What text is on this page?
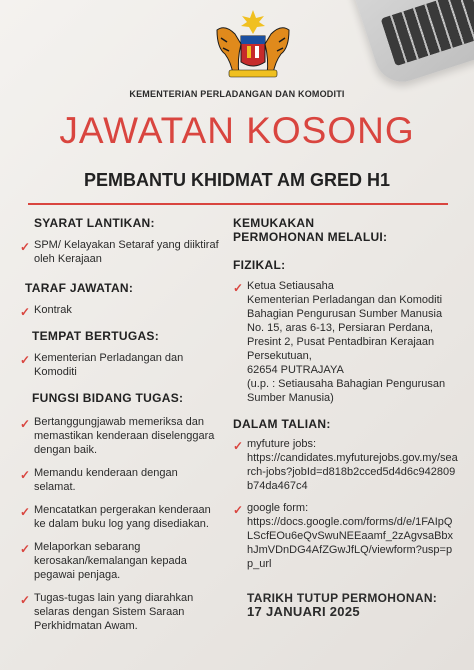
KEMENTERIAN PERLADANGAN DAN KOMODITI
JAWATAN KOSONG
PEMBANTU KHIDMAT AM GRED H1
SYARAT LANTIKAN:
✓ SPM/ Kelayakan Setaraf yang diiktiraf oleh Kerajaan
TARAF JAWATAN:
✓ Kontrak
TEMPAT BERTUGAS:
✓ Kementerian Perladangan dan Komoditi
FUNGSI BIDANG TUGAS:
✓ Bertanggungjawab memeriksa dan memastikan kenderaan diselenggara dengan baik.
✓ Memandu kenderaan dengan selamat.
✓ Mencatatkan pergerakan kenderaan ke dalam buku log yang disediakan.
✓ Melaporkan sebarang kerosakan/kemalangan kepada pegawai penjaga.
✓ Tugas-tugas lain yang diarahkan selaras dengan Sistem Saraan Perkhidmatan Awam.
KEMUKAKAN
PERMOHONAN MELALUI:
FIZIKAL:
✓ Ketua Setiausaha
Kementerian Perladangan dan Komoditi
Bahagian Pengurusan Sumber Manusia
No. 15, aras 6-13, Persiaran Perdana,
Presint 2, Pusat Pentadbiran Kerajaan
Persekutuan,
62654 PUTRAJAYA
(u.p. : Setiausaha Bahagian Pengurusan
Sumber Manusia)
DALAM TALIAN:
✓ myfuture jobs:
https://candidates.myfuturejobs.gov.my/search-jobs?jobId=d818b2cced5d4d6c942809b74da467c4
✓ google form:
https://docs.google.com/forms/d/e/1FAIpQLScfEOu6eQvSwuNEEaamf_2zAgvsaBbxhJmVDnDG4AfZGwJfLQ/viewform?usp=pp_url
TARIKH TUTUP PERMOHONAN:
17 JANUARI 2025
